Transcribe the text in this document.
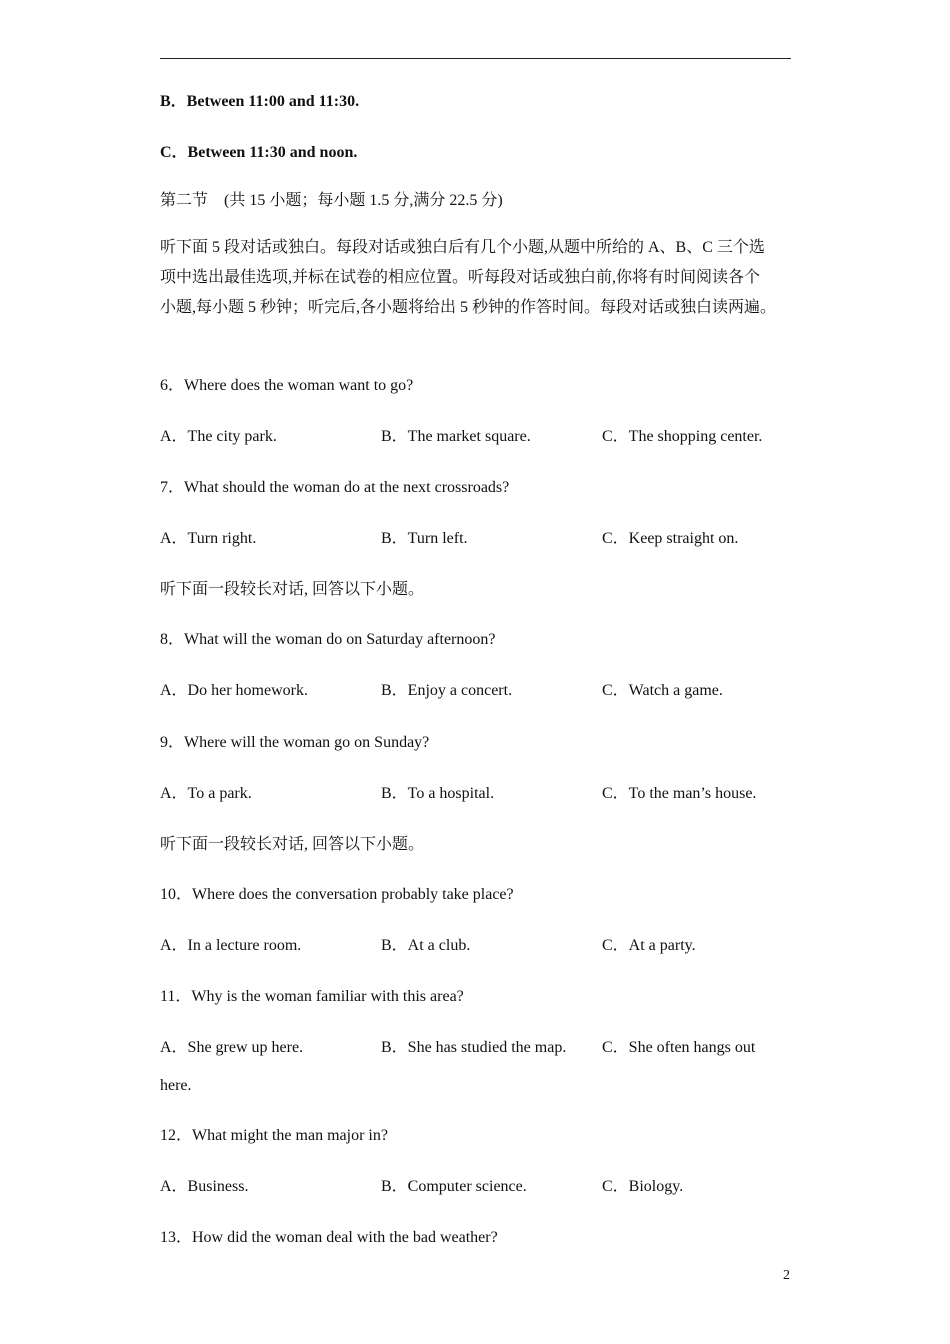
B．Between 11:00 and 11:30.
C．Between 11:30 and noon.
第二节　(共 15 小题；每小题 1.5 分,满分 22.5 分)
听下面 5 段对话或独白。每段对话或独白后有几个小题,从题中所给的 A、B、C 三个选
项中选出最佳选项,并标在试卷的相应位置。听每段对话或独白前,你将有时间阅读各个
小题,每小题 5 秒钟；听完后,各小题将给出 5 秒钟的作答时间。每段对话或独白读两遍。
6．Where does the woman want to go?
A．The city park.	B．The market square.	C．The shopping center.
7．What should the woman do at the next crossroads?
A．Turn right.	B．Turn left.	C．Keep straight on.
听下面一段较长对话, 回答以下小题。
8．What will the woman do on Saturday afternoon?
A．Do her homework.	B．Enjoy a concert.	C．Watch a game.
9．Where will the woman go on Sunday?
A．To a park.	B．To a hospital.	C．To the man’s house.
听下面一段较长对话, 回答以下小题。
10．Where does the conversation probably take place?
A．In a lecture room.	B．At a club.	C．At a party.
11．Why is the woman familiar with this area?
A．She grew up here.	B．She has studied the map. C．She often hangs out
here.
12．What might the man major in?
A．Business.	B．Computer science.	C．Biology.
13．How did the woman deal with the bad weather?
2
